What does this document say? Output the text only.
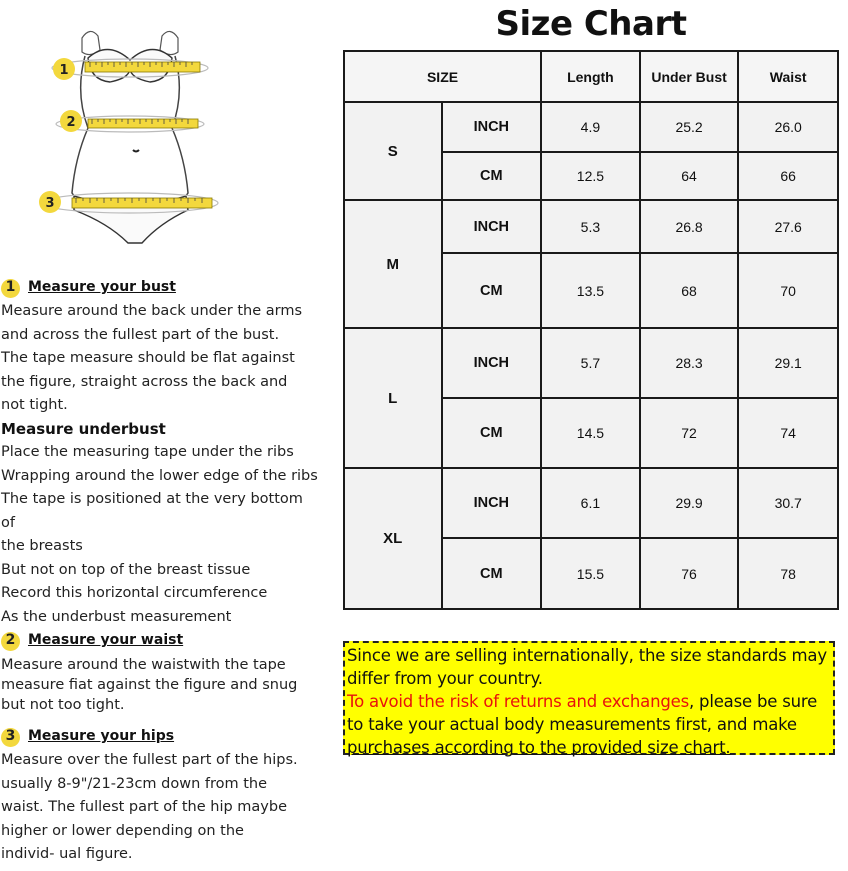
1
2
3
1 Measure your bust

Measure around the back under the arms

and across the fullest part of the bust.

The tape measure should be flat against

the figure, straight across the back and

not tight.

Measure underbust

Place the measuring tape under the ribs

Wrapping around the lower edge of the ribs

The tape is positioned at the very bottom of

the breasts

But not on top of the breast tissue

Record this horizontal circumference

As the underbust measurement

2 Measure your waist

Measure around the waistwith the tape

measure fiat against the figure and snug

but not too tight.

3 Measure your hips

Measure over the fullest part of the hips.

usually 8-9"/21-23cm down from the

waist. The fullest part of the hip maybe

higher or lower depending on the

individ- ual figure.

Size Chart
SIZE		Length	Under Bust	Waist
S	INCH	4.9	25.2	26.0
	CM	12.5	64	66
M	INCH	5.3	26.8	27.6
	CM	13.5	68	70
L	INCH	5.7	28.3	29.1
	CM	14.5	72	74
XL	INCH	6.1	29.9	30.7
	CM	15.5	76	78
Since we are selling internationally, the size standards may
differ from your country.
To avoid the risk of returns and exchanges, please be sure
to take your actual body measurements first, and make
purchases according to the provided size chart.
